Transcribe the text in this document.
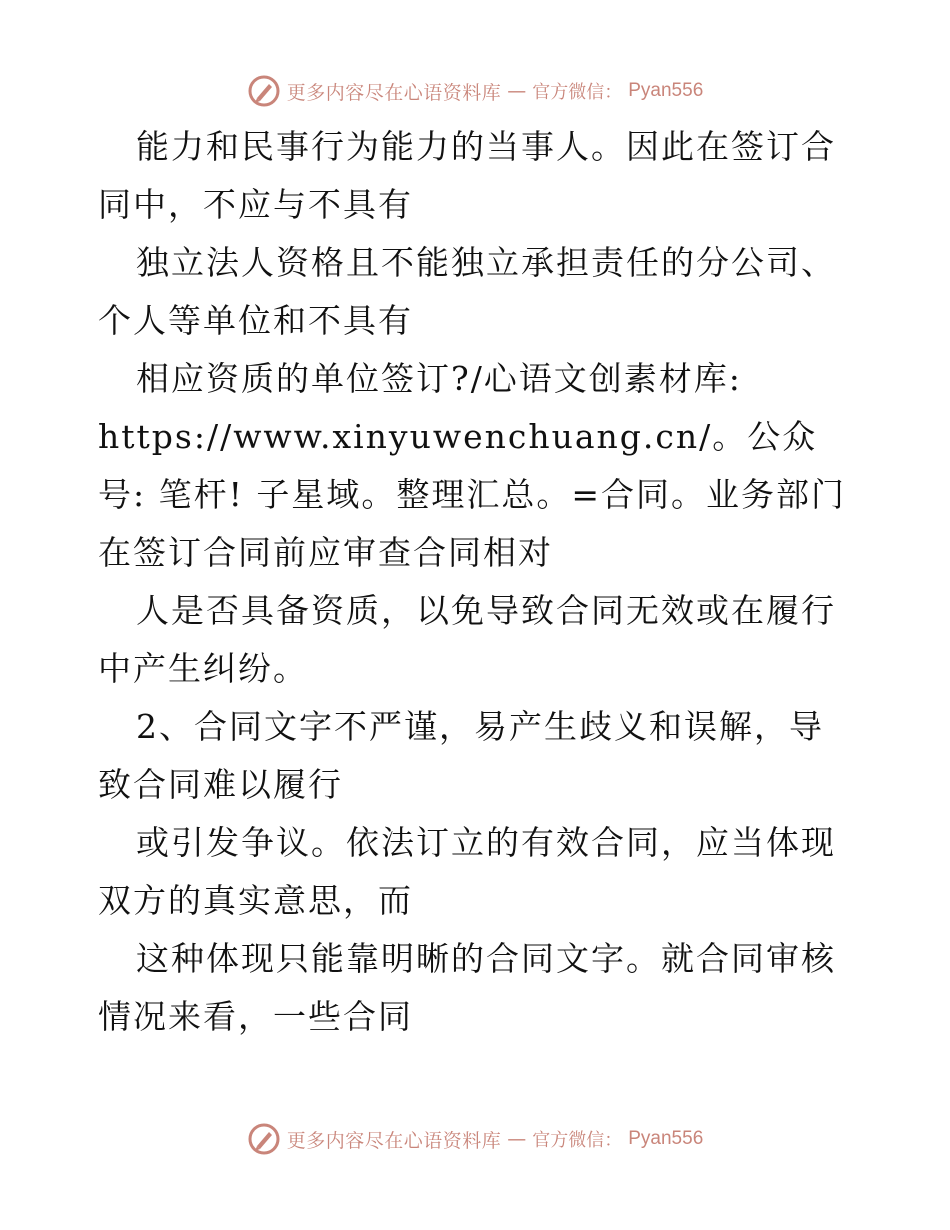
更多内容尽在心语资料库 — 官方微信： Pyan556

能力和民事行为能力的当事人。因此在签订合同中，不应与不具有

独立法人资格且不能独立承担责任的分公司、个人等单位和不具有

相应资质的单位签订?/心语文创素材库:

https://www.xinyuwenchuang.cn/。公众号: 笔杆! 子星域。整理汇总。=合同。业务部门在签订合同前应审查合同相对

人是否具备资质，以免导致合同无效或在履行中产生纠纷。

2、合同文字不严谨，易产生歧义和误解，导致合同难以履行

或引发争议。依法订立的有效合同，应当体现双方的真实意思，而

这种体现只能靠明晰的合同文字。就合同审核情况来看，一些合同

更多内容尽在心语资料库 — 官方微信： Pyan556
